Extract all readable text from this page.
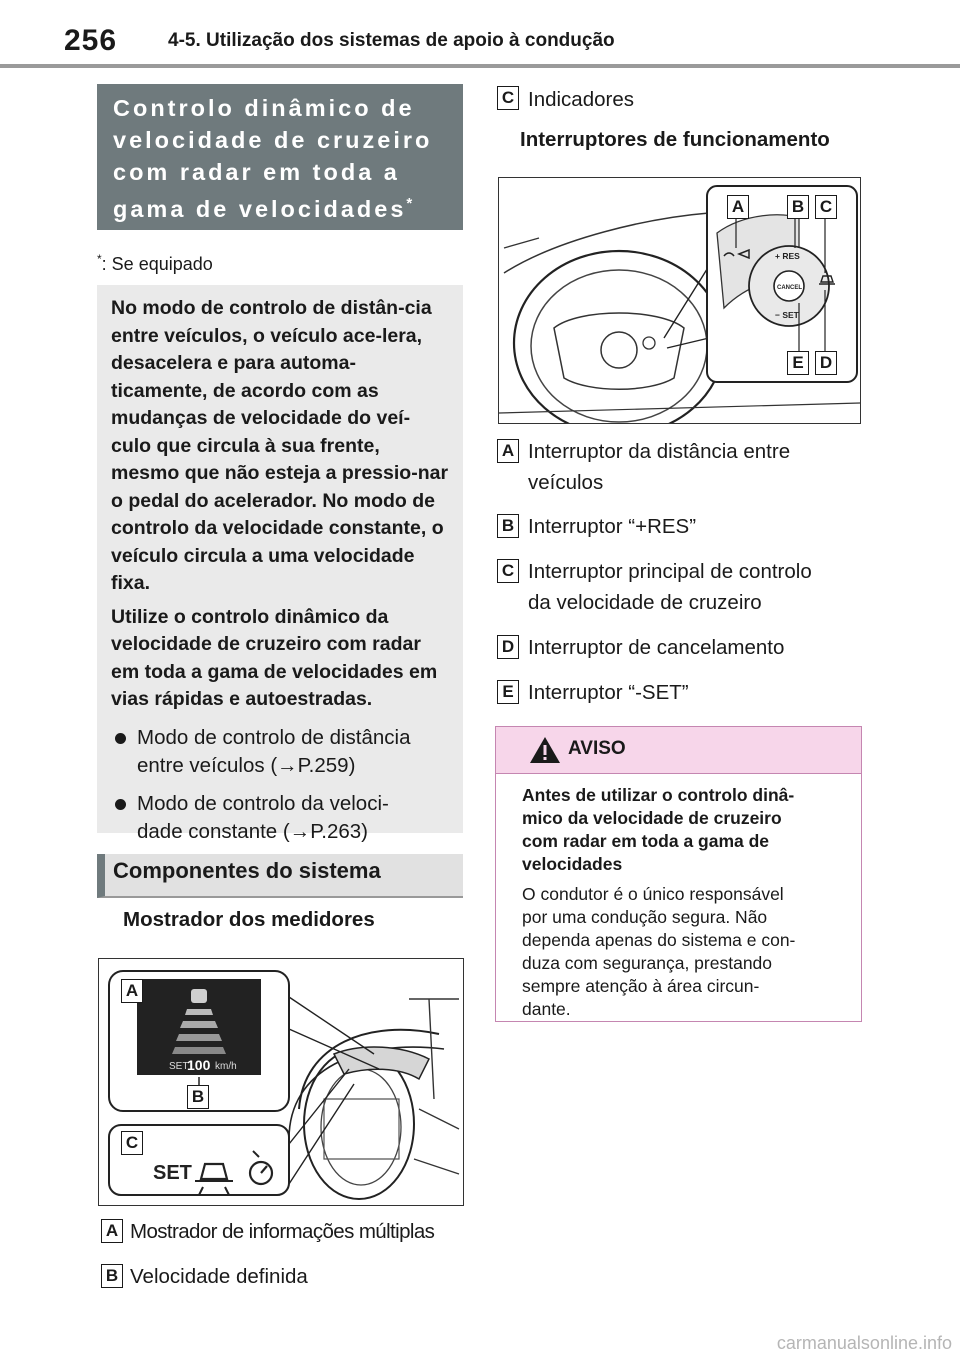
256	4-5. Utilização dos sistemas de apoio à condução
Controlo dinâmico de
velocidade de cruzeiro
com radar em toda a
gama de velocidades*
*: Se equipado

No modo de controlo de distân-cia entre veículos, o veículo ace-lera, desacelera e para automa-ticamente, de acordo com as mudanças de velocidade do veí-culo que circula à sua frente, mesmo que não esteja a pressio-nar o pedal do acelerador. No modo de controlo da velocidade constante, o veículo circula a uma velocidade fixa.

Utilize o controlo dinâmico da velocidade de cruzeiro com radar em toda a gama de velocidades em vias rápidas e autoestradas.

Modo de controlo de distância
entre veículos (→P.259)
Modo de controlo da veloci-
dade constante (→P.263)
Componentes do sistema
Mostrador dos medidores
SET
100 km/h
SET
A
B
C
A Mostrador de informações múltiplas
B Velocidade definida
C Indicadores
Interruptores de funcionamento
+ RES
− SET
CANCEL
A	B C
E D
A Interruptor da distância entre
veículos
B Interruptor “+RES”
C Interruptor principal de controlo
da velocidade de cruzeiro
D Interruptor de cancelamento
E Interruptor “-SET”
AVISO
Antes de utilizar o controlo dinâ-
mico da velocidade de cruzeiro
com radar em toda a gama de
velocidades
O condutor é o único responsável
por uma condução segura. Não
dependa apenas do sistema e con-
duza com segurança, prestando
sempre atenção à área circun-
dante.
carmanualsonline.info
